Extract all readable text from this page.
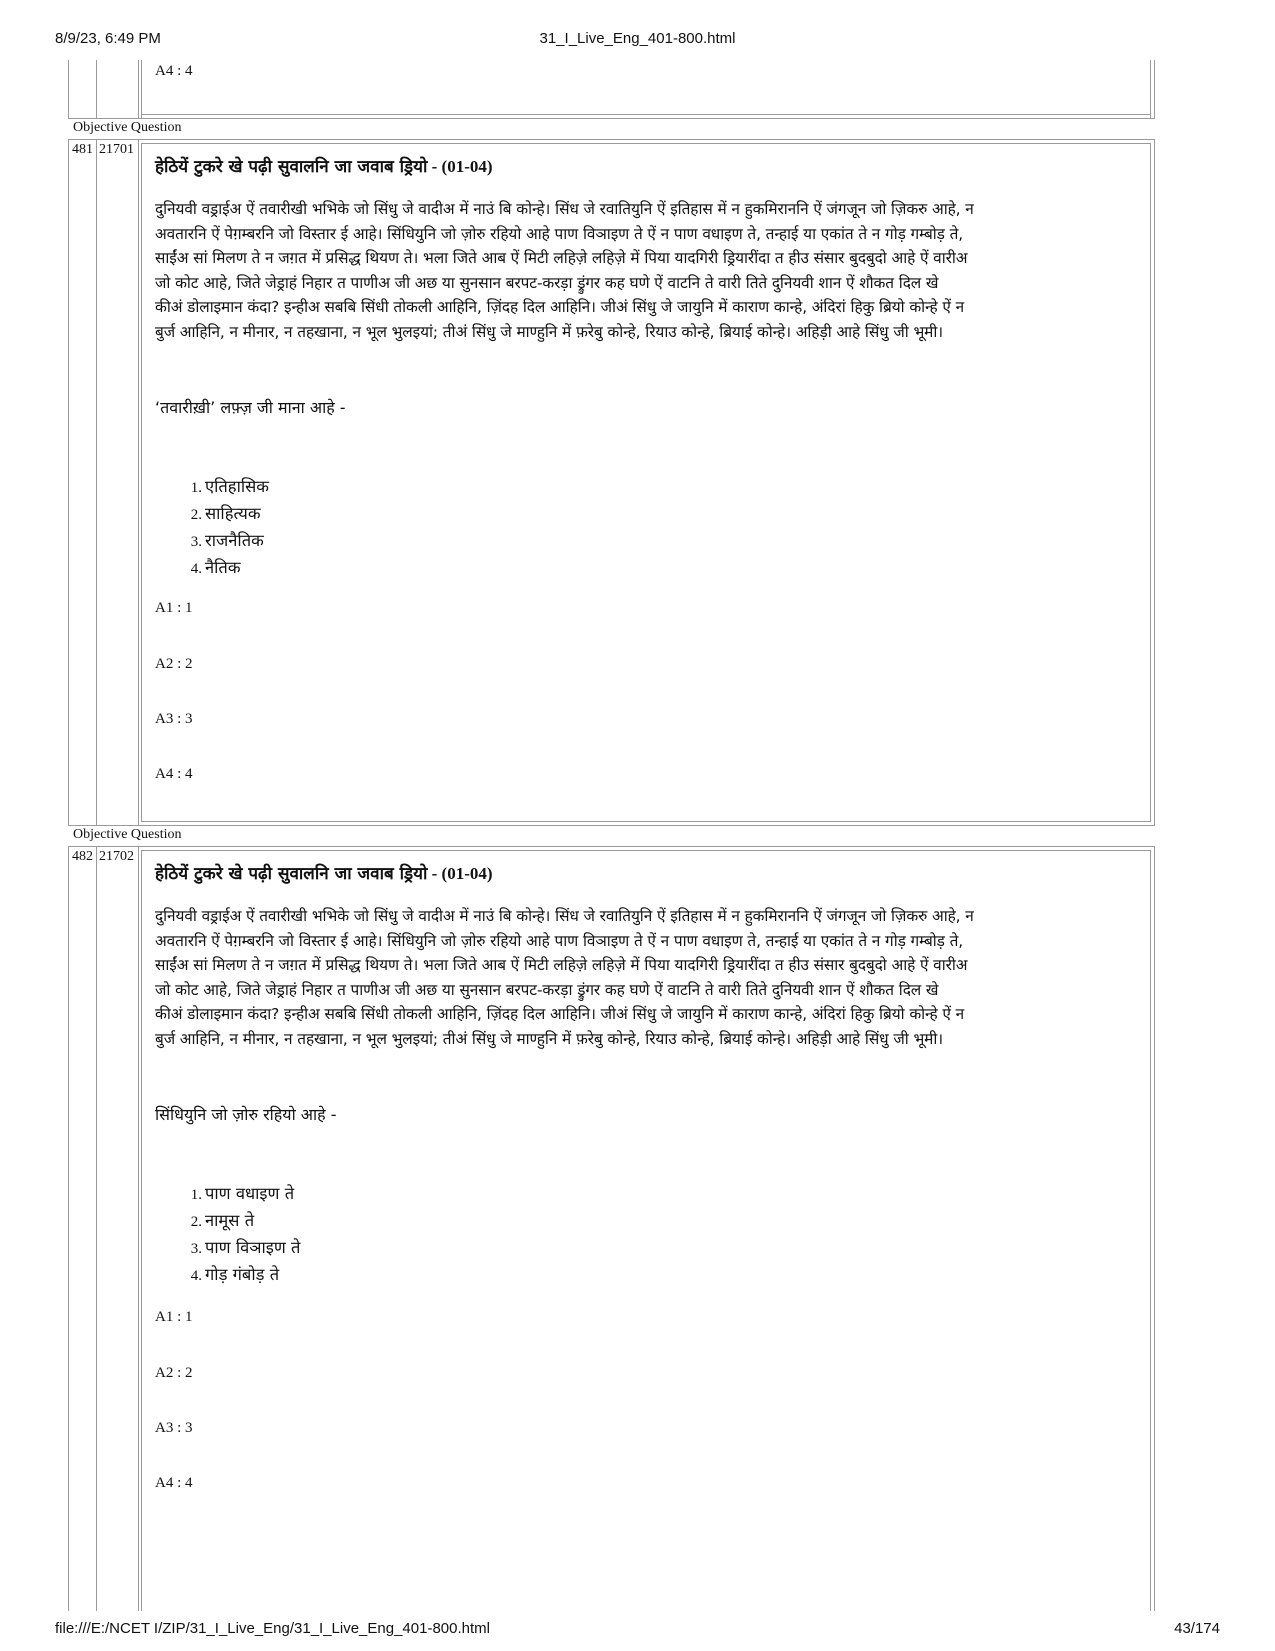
8/9/23, 6:49 PM	31_I_Live_Eng_401-800.html
A4 : 4
Objective Question
481 21701

हेठियें टुकरे खे पढ़ी सुवालनि जा जवाब ड्रियो - (01-04)

दुनियवी वड्राईअ ऐं तवारीखी भभिके जो सिंधु जे वादीअ में नाउं बि कोन्हे। सिंध जे रवातियुनि ऐं इतिहास में न हुकमिराननि ऐं जंगजून जो ज़िकरु आहे, न
अवतारनि ऐं पेग़म्बरनि जो विस्तार ई आहे। सिंधियुनि जो ज़ोरु रहियो आहे पाण विञाइण ते ऐं न पाण वधाइण ते, तन्हाई या एकांत ते न गोड़ गम्बोड़ ते,
साईंअ सां मिलण ते न जग़त में प्रसिद्ध थियण ते। भला जिते आब ऐं मिटी लहिज़े लहिज़े में पिया यादगिरी ड्रियारींदा त हीउ संसार बुदबुदो आहे ऐं वारीअ
जो कोट आहे, जिते जेड्राहं निहार त पाणीअ जी अछ या सुनसान बरपट-करड़ा ड्रुंगर कह घणे ऐं वाटनि ते वारी तिते दुनियवी शान ऐं शौकत दिल खे
कीअं डोलाइमान कंदा? इन्हीअ सबबि सिंधी तोकली आहिनि, ज़िंदह दिल आहिनि। जीअं सिंधु जे जायुनि में काराण कान्हे, अंदिरां हिकु ब्रियो कोन्हे ऐं न
बुर्ज आहिनि, न मीनार, न तहखाना, न भूल भुलइयां; तीअं सिंधु जे माण्हुनि में फ़रेबु कोन्हे, रियाउ कोन्हे, ब्रियाई कोन्हे। अहिड़ी आहे सिंधु जी भूमी।

‘तवारीख़ी’ लफ़्ज़ जी माना आहे -

1. एतिहासिक
2. साहित्यक
3. राजनैतिक
4. नैतिक
A1 : 1
A2 : 2
A3 : 3
A4 : 4
Objective Question
482 21702

हेठियें टुकरे खे पढ़ी सुवालनि जा जवाब ड्रियो - (01-04)

दुनियवी वड्राईअ ऐं तवारीखी भभिके जो सिंधु जे वादीअ में नाउं बि कोन्हे। सिंध जे रवातियुनि ऐं इतिहास में न हुकमिराननि ऐं जंगजून जो ज़िकरु आहे, न
अवतारनि ऐं पेग़म्बरनि जो विस्तार ई आहे। सिंधियुनि जो ज़ोरु रहियो आहे पाण विञाइण ते ऐं न पाण वधाइण ते, तन्हाई या एकांत ते न गोड़ गम्बोड़ ते,
साईंअ सां मिलण ते न जग़त में प्रसिद्ध थियण ते। भला जिते आब ऐं मिटी लहिज़े लहिज़े में पिया यादगिरी ड्रियारींदा त हीउ संसार बुदबुदो आहे ऐं वारीअ
जो कोट आहे, जिते जेड्राहं निहार त पाणीअ जी अछ या सुनसान बरपट-करड़ा ड्रुंगर कह घणे ऐं वाटनि ते वारी तिते दुनियवी शान ऐं शौकत दिल खे
कीअं डोलाइमान कंदा? इन्हीअ सबबि सिंधी तोकली आहिनि, ज़िंदह दिल आहिनि। जीअं सिंधु जे जायुनि में काराण कान्हे, अंदिरां हिकु ब्रियो कोन्हे ऐं न
बुर्ज आहिनि, न मीनार, न तहखाना, न भूल भुलइयां; तीअं सिंधु जे माण्हुनि में फ़रेबु कोन्हे, रियाउ कोन्हे, ब्रियाई कोन्हे। अहिड़ी आहे सिंधु जी भूमी।

सिंधियुनि जो ज़ोरु रहियो आहे -

1. पाण वधाइण ते
2. नामूस ते
3. पाण विञाइण ते
4. गोड़ गंबोड़ ते
A1 : 1
A2 : 2
A3 : 3
A4 : 4
file:///E:/NCET I/ZIP/31_I_Live_Eng/31_I_Live_Eng_401-800.html	43/174
